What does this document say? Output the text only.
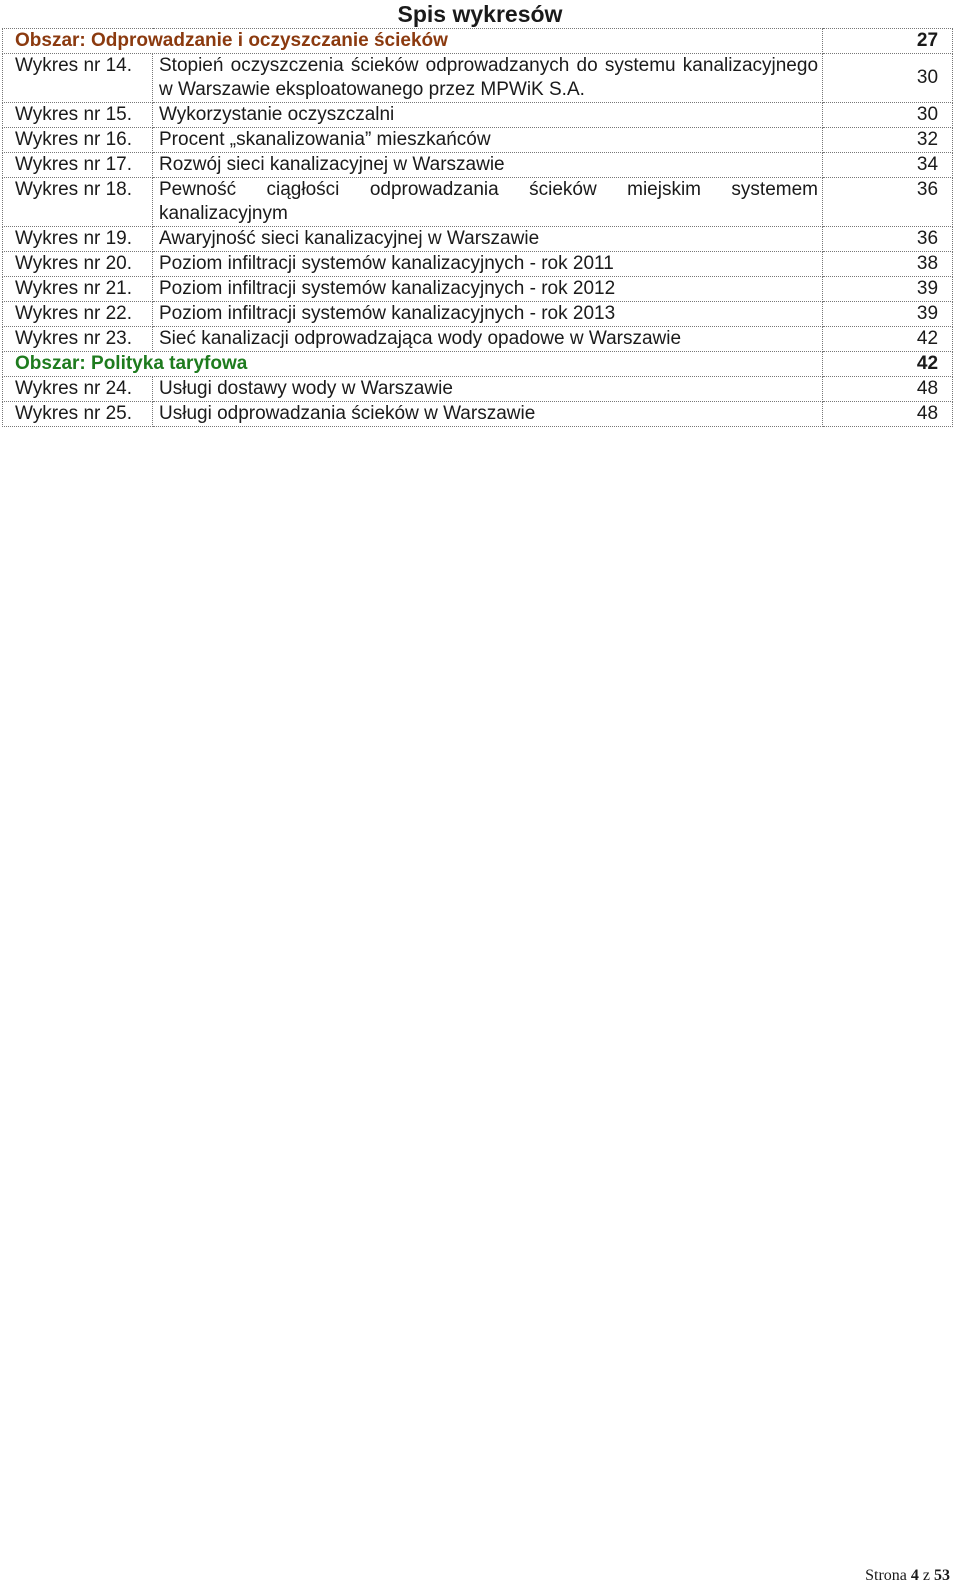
Spis wykresów
Obszar: Odprowadzanie i oczyszczanie ścieków		27
Wykres nr 14.	Stopień oczyszczenia ścieków odprowadzanych do systemu kanalizacyjnego w Warszawie eksploatowanego przez MPWiK S.A.	30
Wykres nr 15.	Wykorzystanie oczyszczalni	30
Wykres nr 16.	Procent „skanalizowania” mieszkańców	32
Wykres nr 17.	Rozwój sieci kanalizacyjnej w Warszawie	34
Wykres nr 18.	Pewność ciągłości odprowadzania ścieków miejskim systemem kanalizacyjnym	36
Wykres nr 19.	Awaryjność sieci kanalizacyjnej w Warszawie	36
Wykres nr 20.	Poziom infiltracji systemów kanalizacyjnych - rok 2011	38
Wykres nr 21.	Poziom infiltracji systemów kanalizacyjnych - rok 2012	39
Wykres nr 22.	Poziom infiltracji systemów kanalizacyjnych - rok 2013	39
Wykres nr 23.	Sieć kanalizacji odprowadzająca wody opadowe w Warszawie	42
Obszar: Polityka taryfowa		42
Wykres nr 24.	Usługi dostawy wody w Warszawie	48
Wykres nr 25.	Usługi odprowadzania ścieków w Warszawie	48
Strona 4 z 53
